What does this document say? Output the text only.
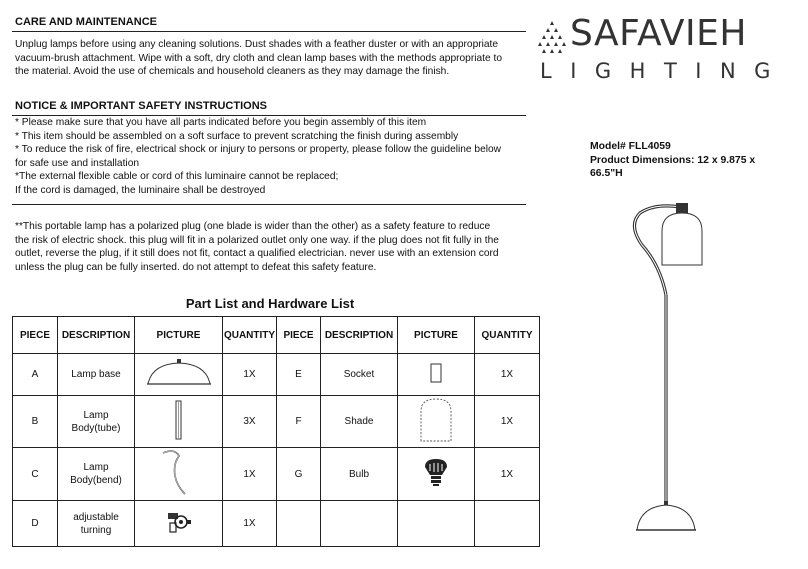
CARE AND MAINTENANCE
Unplug lamps before using any cleaning solutions. Dust shades with a feather duster or with an appropriate
vacuum-brush attachment. Wipe with a soft, dry cloth and clean lamp bases with the methods appropriate to
the material. Avoid the use of chemicals and household cleaners as they may damage the finish.
NOTICE & IMPORTANT SAFETY INSTRUCTIONS
* Please make sure that you have all parts indicated before you begin assembly of this item
* This item should be assembled on a soft surface to prevent scratching the finish during assembly
* To reduce the risk of fire, electrical shock or injury to persons or property, please follow the guideline below
for safe use and installation
*The external flexible cable or cord of this luminaire cannot be replaced;
If the cord is damaged, the luminaire shall be destroyed
**This portable lamp has a polarized plug (one blade is wider than the other) as a safety feature to reduce
the risk of electric shock. this plug will fit in a polarized outlet only one way. if the plug does not fit fully in the
outlet, reverse the plug, if it still does not fit, contact a qualified electrician. never use with an extension cord
unless the plug can be fully inserted. do not attempt to defeat this safety feature.
Part List and Hardware List
PIECE	DESCRIPTION	PICTURE	QUANTITY	PIECE	DESCRIPTION	PICTURE	QUANTITY
A	Lamp base		1X	E	Socket		1X
B	Lamp
Body(tube)		3X	F	Shade		1X
C	Lamp
Body(bend)		1X	G	Bulb		1X
D	adjustable
turning		1X				
SAFAVIEH
LIGHTING
Model# FLL4059
Product Dimensions: 12 x 9.875 x
66.5"H
